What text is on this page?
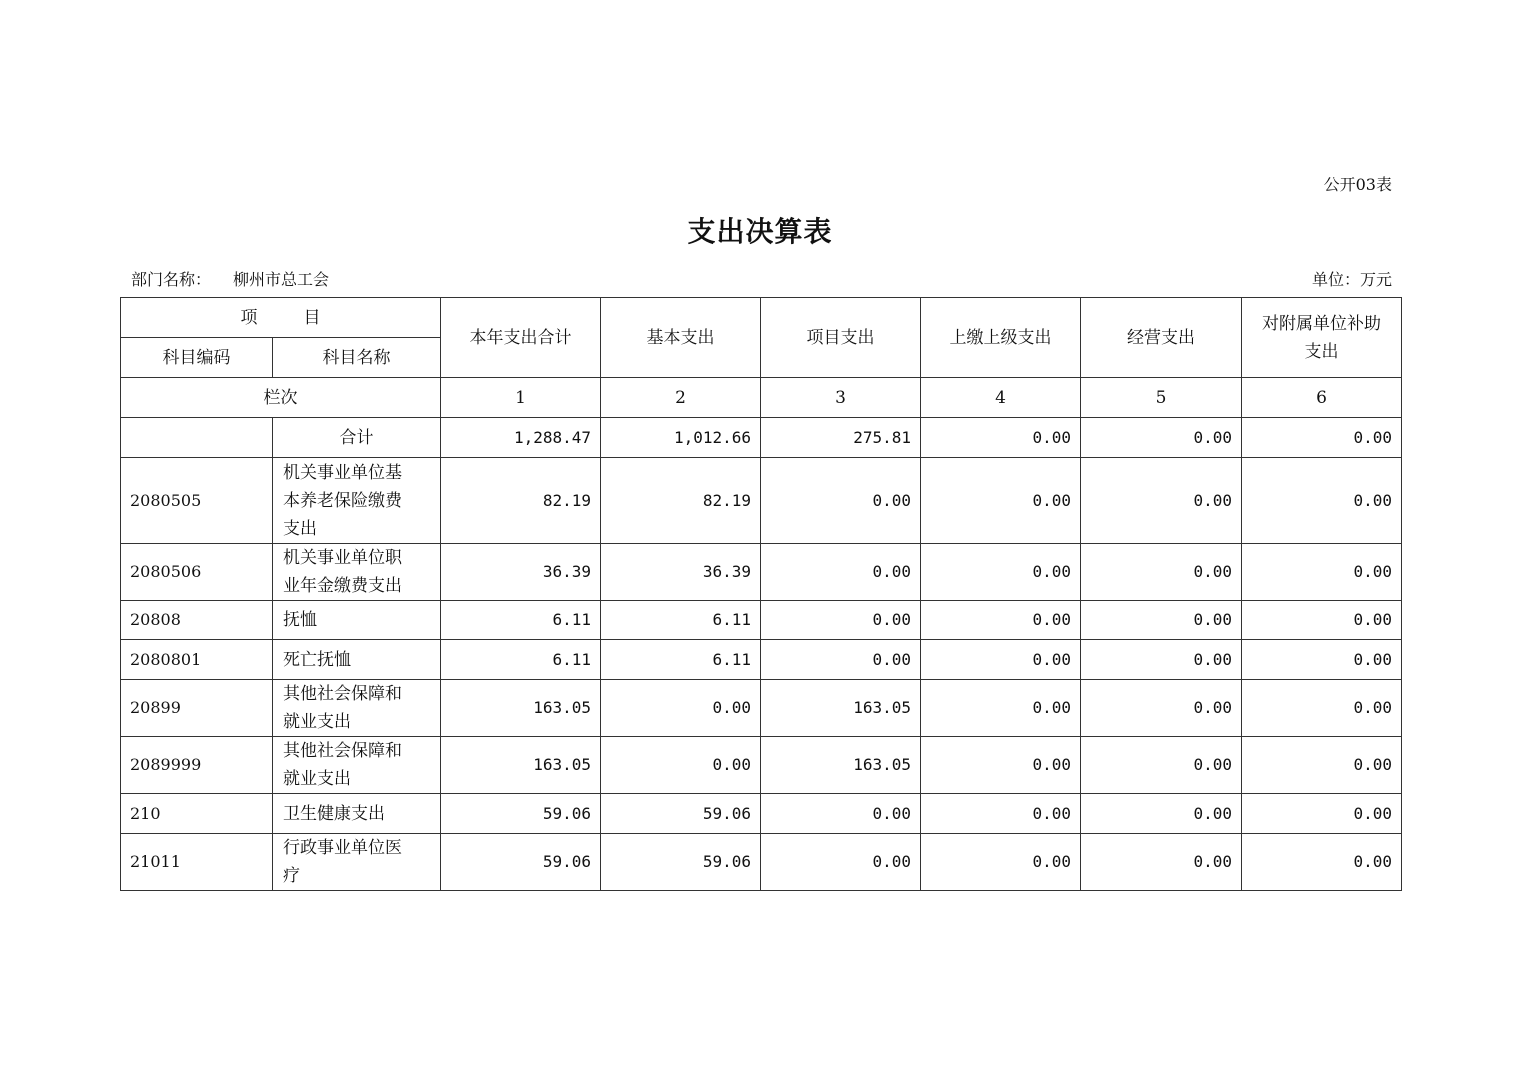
公开03表
支出决算表
部门名称： 柳州市总工会	单位：万元
项 目		本年支出合计	基本支出	项目支出	上缴上级支出	经营支出	对附属单位补助支出
科目编码	科目名称						
栏次		1	2	3	4	5	6
	合计	1,288.47	1,012.66	275.81	0.00	0.00	0.00
2080505	机关事业单位基本养老保险缴费支出	82.19	82.19	0.00	0.00	0.00	0.00
2080506	机关事业单位职业年金缴费支出	36.39	36.39	0.00	0.00	0.00	0.00
20808	抚恤	6.11	6.11	0.00	0.00	0.00	0.00
2080801	死亡抚恤	6.11	6.11	0.00	0.00	0.00	0.00
20899	其他社会保障和就业支出	163.05	0.00	163.05	0.00	0.00	0.00
2089999	其他社会保障和就业支出	163.05	0.00	163.05	0.00	0.00	0.00
210	卫生健康支出	59.06	59.06	0.00	0.00	0.00	0.00
21011	行政事业单位医疗	59.06	59.06	0.00	0.00	0.00	0.00
